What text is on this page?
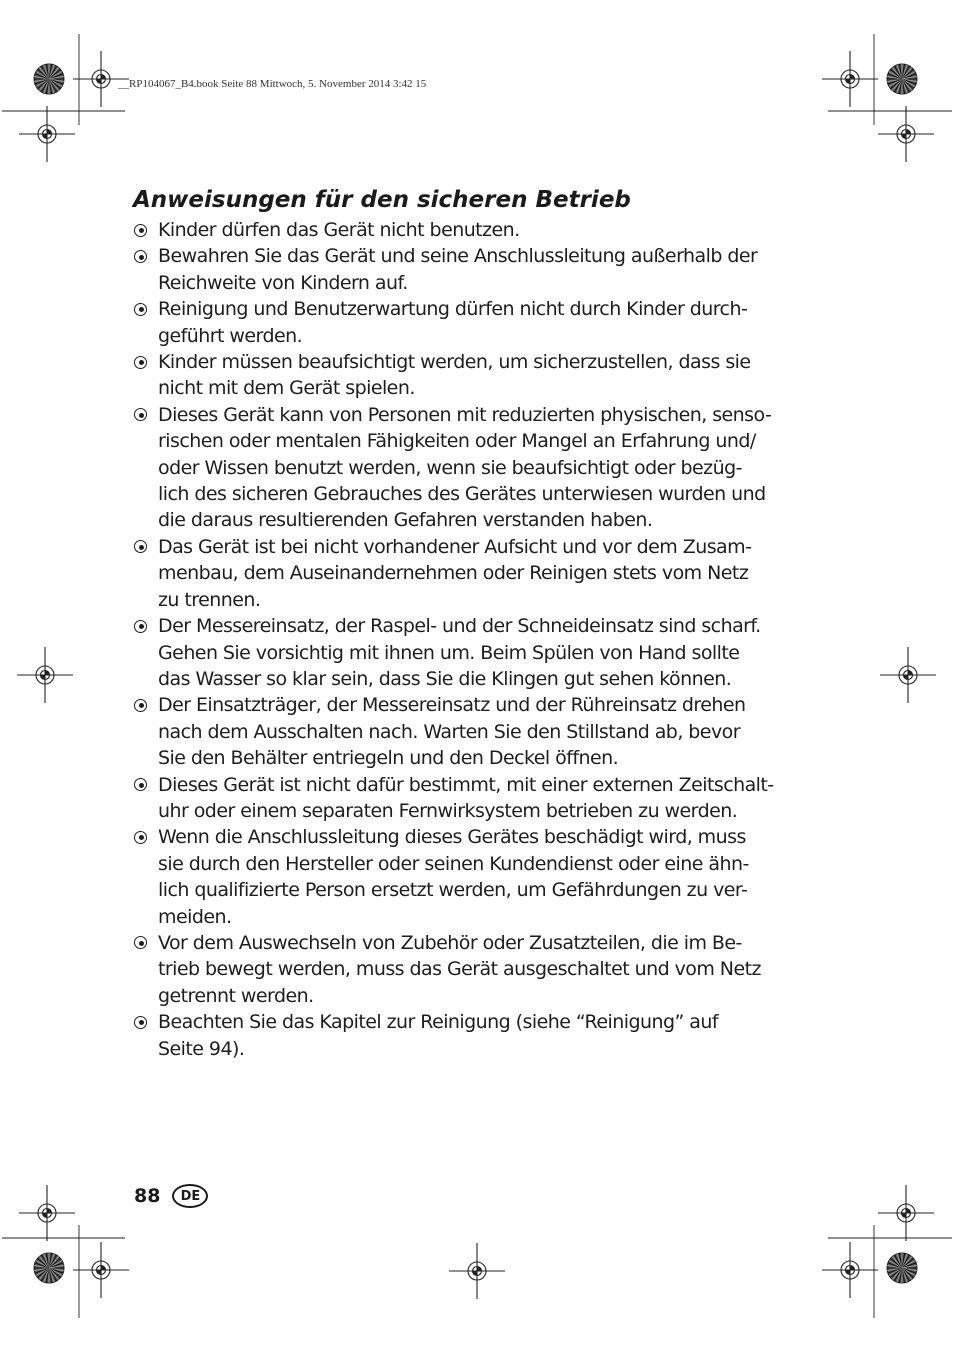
__RP104067_B4.book Seite 88 Mittwoch, 5. November 2014 3:42 15
Anweisungen für den sicheren Betrieb
Kinder dürfen das Gerät nicht benutzen.
Bewahren Sie das Gerät und seine Anschlussleitung außerhalb der
Reichweite von Kindern auf.
Reinigung und Benutzerwartung dürfen nicht durch Kinder durch-
geführt werden.
Kinder müssen beaufsichtigt werden, um sicherzustellen, dass sie
nicht mit dem Gerät spielen.
Dieses Gerät kann von Personen mit reduzierten physischen, senso-
rischen oder mentalen Fähigkeiten oder Mangel an Erfahrung und/
oder Wissen benutzt werden, wenn sie beaufsichtigt oder bezüg-
lich des sicheren Gebrauches des Gerätes unterwiesen wurden und
die daraus resultierenden Gefahren verstanden haben.
Das Gerät ist bei nicht vorhandener Aufsicht und vor dem Zusam-
menbau, dem Auseinandernehmen oder Reinigen stets vom Netz
zu trennen.
Der Messereinsatz, der Raspel- und der Schneideinsatz sind scharf.
Gehen Sie vorsichtig mit ihnen um. Beim Spülen von Hand sollte
das Wasser so klar sein, dass Sie die Klingen gut sehen können.
Der Einsatzträger, der Messereinsatz und der Rühreinsatz drehen
nach dem Ausschalten nach. Warten Sie den Stillstand ab, bevor
Sie den Behälter entriegeln und den Deckel öffnen.
Dieses Gerät ist nicht dafür bestimmt, mit einer externen Zeitschalt-
uhr oder einem separaten Fernwirksystem betrieben zu werden.
Wenn die Anschlussleitung dieses Gerätes beschädigt wird, muss
sie durch den Hersteller oder seinen Kundendienst oder eine ähn-
lich qualifizierte Person ersetzt werden, um Gefährdungen zu ver-
meiden.
Vor dem Auswechseln von Zubehör oder Zusatzteilen, die im Be-
trieb bewegt werden, muss das Gerät ausgeschaltet und vom Netz
getrennt werden.
Beachten Sie das Kapitel zur Reinigung (siehe “Reinigung” auf
Seite 94).
88	DE
